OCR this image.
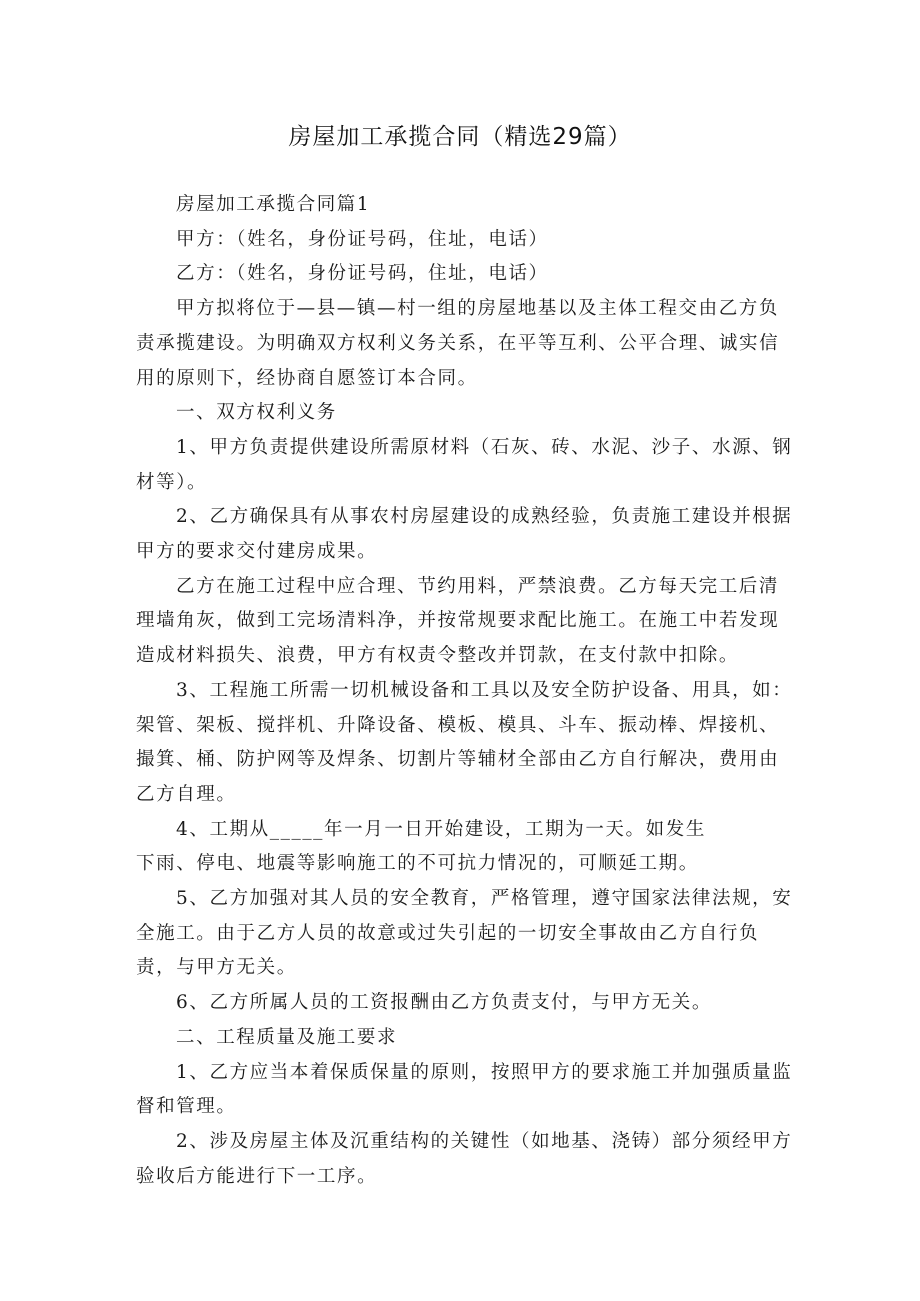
房屋加工承揽合同（精选29篇）

房屋加工承揽合同篇1

甲方：（姓名，身份证号码，住址，电话）

乙方：（姓名，身份证号码，住址，电话）

甲方拟将位于—县—镇—村一组的房屋地基以及主体工程交由乙方负责承揽建设。为明确双方权利义务关系，在平等互利、公平合理、诚实信用的原则下，经协商自愿签订本合同。

一、双方权利义务

1、甲方负责提供建设所需原材料（石灰、砖、水泥、沙子、水源、钢材等）。

2、乙方确保具有从事农村房屋建设的成熟经验，负责施工建设并根据甲方的要求交付建房成果。

乙方在施工过程中应合理、节约用料，严禁浪费。乙方每天完工后清理墙角灰，做到工完场清料净，并按常规要求配比施工。在施工中若发现造成材料损失、浪费，甲方有权责令整改并罚款，在支付款中扣除。

3、工程施工所需一切机械设备和工具以及安全防护设备、用具，如：架管、架板、搅拌机、升降设备、模板、模具、斗车、振动棒、焊接机、撮箕、桶、防护网等及焊条、切割片等辅材全部由乙方自行解决，费用由乙方自理。

4、工期从_____年一月一日开始建设，工期为一天。如发生

下雨、停电、地震等影响施工的不可抗力情况的，可顺延工期。

5、乙方加强对其人员的安全教育，严格管理，遵守国家法律法规，安全施工。由于乙方人员的故意或过失引起的一切安全事故由乙方自行负责，与甲方无关。

6、乙方所属人员的工资报酬由乙方负责支付，与甲方无关。

二、工程质量及施工要求

1、乙方应当本着保质保量的原则，按照甲方的要求施工并加强质量监督和管理。

2、涉及房屋主体及沉重结构的关键性（如地基、浇铸）部分须经甲方验收后方能进行下一工序。
